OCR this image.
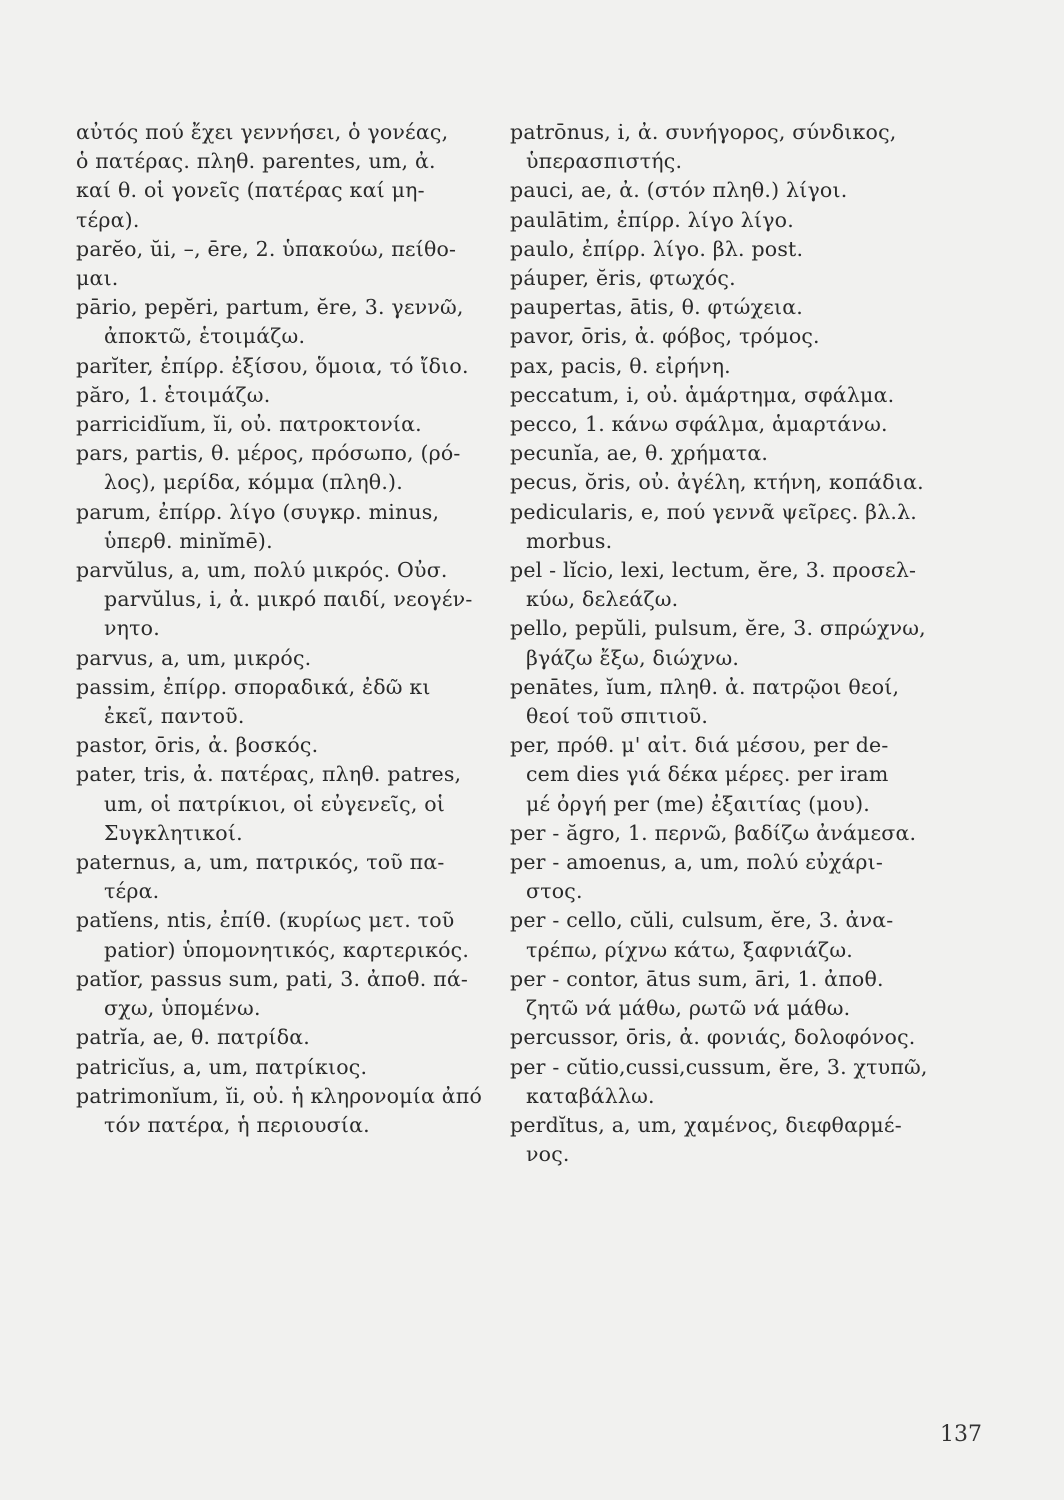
αὐτός πού ἔχει γεννήσει, ὁ γονέας,
ὁ πατέρας. πληθ. parentes, um, ἀ.
καί θ. οἱ γονεῖς (πατέρας καί μη-
τέρα).
parĕo, ŭi, –, ēre, 2. ὑπακούω, πείθο-
μαι.
pārio, pepĕri, partum, ĕre, 3. γεννῶ,
ἀποκτῶ, ἑτοιμάζω.
parĭter, ἐπίρρ. ἐξίσου, ὅμοια, τό ἴδιο.
păro, 1. ἑτοιμάζω.
parricidĭum, ĭi, οὐ. πατροκτονία.
pars, partis, θ. μέρος, πρόσωπο, (ρό-
λος), μερίδα, κόμμα (πληθ.).
parum, ἐπίρρ. λίγο (συγκρ. minus,
ὑπερθ. minĭmē).
parvŭlus, a, um, πολύ μικρός. Οὐσ.
parvŭlus, i, ἀ. μικρό παιδί, νεογέν-
νητο.
parvus, a, um, μικρός.
passim, ἐπίρρ. σποραδικά, ἐδῶ κι
ἐκεῖ, παντοῦ.
pastor, ōris, ἀ. βοσκός.
pater, tris, ἀ. πατέρας, πληθ. patres,
um, οἱ πατρίκιοι, οἱ εὐγενεῖς, οἱ
Συγκλητικοί.
paternus, a, um, πατρικός, τοῦ πα-
τέρα.
patĭens, ntis, ἐπίθ. (κυρίως μετ. τοῦ
patior) ὑπομονητικός, καρτερικός.
patĭor, passus sum, pati, 3. ἀποθ. πά-
σχω, ὑπομένω.
patrĭa, ae, θ. πατρίδα.
patricĭus, a, um, πατρίκιος.
patrimonĭum, ĭi, οὐ. ἡ κληρονομία ἀπό
τόν πατέρα, ἡ περιουσία.
patrōnus, i, ἀ. συνήγορος, σύνδικος,
ὑπερασπιστής.
pauci, ae, ἀ. (στόν πληθ.) λίγοι.
paulātim, ἐπίρρ. λίγο λίγο.
paulo, ἐπίρρ. λίγο. βλ. post.
páuper, ĕris, φτωχός.
paupertas, ātis, θ. φτώχεια.
pavor, ōris, ἀ. φόβος, τρόμος.
pax, pacis, θ. εἰρήνη.
peccatum, i, οὐ. ἁμάρτημα, σφάλμα.
pecco, 1. κάνω σφάλμα, ἁμαρτάνω.
pecunĭa, ae, θ. χρήματα.
pecus, ŏris, οὐ. ἀγέλη, κτήνη, κοπάδια.
pedicularis, e, πού γεννᾶ ψεῖρες. βλ.λ.
morbus.
pel - lĭcio, lexi, lectum, ĕre, 3. προσελ-
κύω, δελεάζω.
pello, pepŭli, pulsum, ĕre, 3. σπρώχνω,
βγάζω ἔξω, διώχνω.
penātes, ĭum, πληθ. ἀ. πατρῷοι θεοί,
θεοί τοῦ σπιτιοῦ.
per, πρόθ. μ' αἰτ. διά μέσου, per de-
cem dies γιά δέκα μέρες. per iram
μέ ὀργή per (me) ἐξαιτίας (μου).
per - ăgro, 1. περνῶ, βαδίζω ἀνάμεσα.
per - amoenus, a, um, πολύ εὐχάρι-
στος.
per - cello, cŭli, culsum, ĕre, 3. ἀνα-
τρέπω, ρίχνω κάτω, ξαφνιάζω.
per - contor, ātus sum, āri, 1. ἀποθ.
ζητῶ νά μάθω, ρωτῶ νά μάθω.
percussor, ōris, ἀ. φονιάς, δολοφόνος.
per - cŭtio,cussi,cussum, ĕre, 3. χτυπῶ,
καταβάλλω.
perdĭtus, a, um, χαμένος, διεφθαρμέ-
νος.
137
